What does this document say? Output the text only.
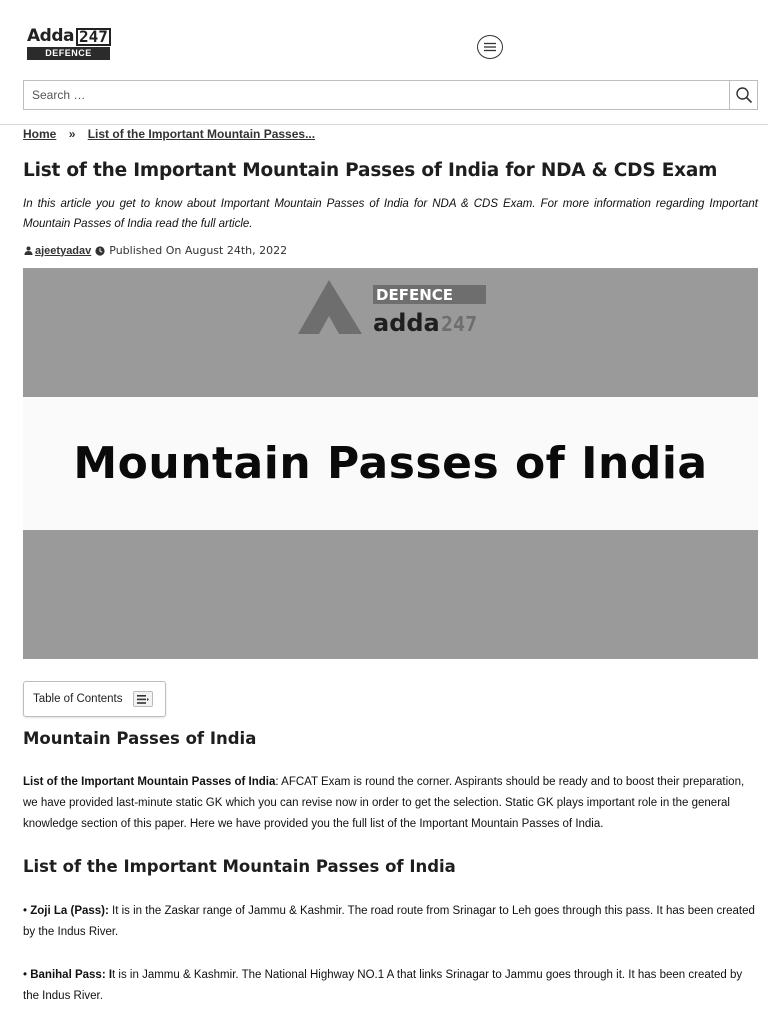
Adda 247
DEFENCE
Search …
Home » List of the Important Mountain Passes...
List of the Important Mountain Passes of India for NDA & CDS Exam

In this article you get to know about Important Mountain Passes of India for NDA & CDS Exam. For more information regarding Important Mountain Passes of India read the full article.

ajeetyadav Published On August 24th, 2022
DEFENCE
adda 247
Mountain Passes of India
Table of Contents
Mountain Passes of India

List of the Important Mountain Passes of India: AFCAT Exam is round the corner. Aspirants should be ready and to boost their preparation, we have provided last-minute static GK which you can revise now in order to get the selection. Static GK plays important role in the general knowledge section of this paper. Here we have provided you the full list of the Important Mountain Passes of India.

List of the Important Mountain Passes of India

• Zoji La (Pass): It is in the Zaskar range of Jammu & Kashmir. The road route from Srinagar to Leh goes through this pass. It has been created by the Indus River.

• Banihal Pass: It is in Jammu & Kashmir. The National Highway NO.1 A that links Srinagar to Jammu goes through it. It has been created by the Indus River.
